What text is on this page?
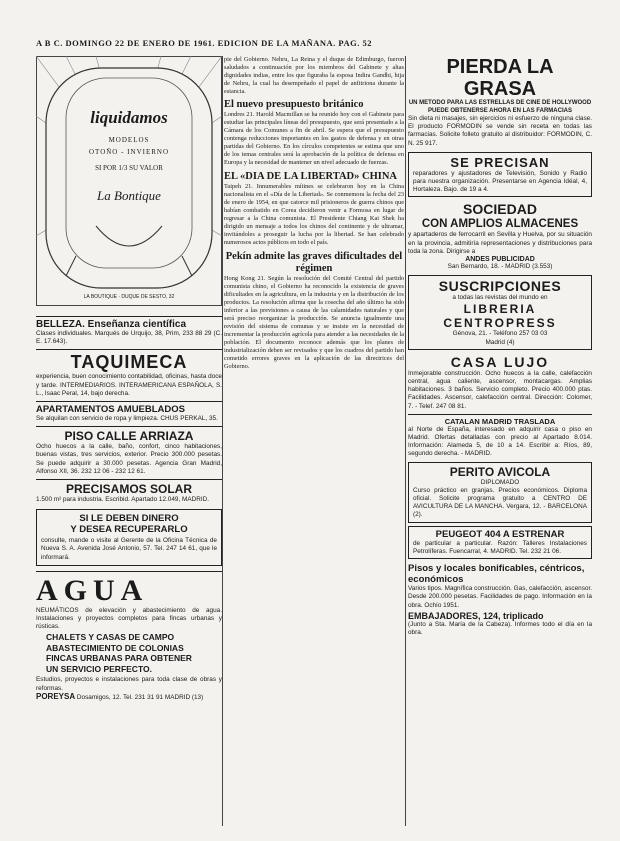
A B C. DOMINGO 22 DE ENERO DE 1961. EDICION DE LA MAÑANA. PAG. 52
liquidamos
MODELOS
OTOÑO - INVIERNO
SI POR 1/3 SU VALOR
La Bontique
LA BOUTIQUE · DUQUE DE SESTO, 32
BELLEZA. Enseñanza científica
Clases individuales. Marqués de Urquijo, 38, Prim, 233 88 29 (C. E. 17.643).
TAQUIMECA
experiencia, buen conocimiento contabilidad, oficinas, hasta doce y tarde. INTERMEDIARIOS. INTERAMERICANA ESPAÑOLA, S. L., Isaac Peral, 14, bajo derecha.
APARTAMENTOS AMUEBLADOS
Se alquilan con servicio de ropa y limpieza. CHUS PERKAL, 35.
PISO CALLE ARRIAZA
Ocho huecos a la calle, baño, confort, cinco habitaciones, buenas vistas, tres servicios, exterior. Precio 300.000 pesetas. Se puede adquirir a 30.000 pesetas. Agencia Gran Madrid, Alfonso XII, 36. 232 12 06 - 232 12 61.
PRECISAMOS SOLAR
1.500 m² para industria. Escribid. Apartado 12.049, MADRID.
SI LE DEBEN DINERO
Y DESEA RECUPERARLO
consulte, mande o visite al Gerente de la Oficina Técnica de Nueva S. A. Avenida José Antonio, 57. Tel. 247 14 61, que le informará.
AGUA
NEUMÁTICOS de elevación y abastecimiento de agua. Instalaciones y proyectos completos para fincas urbanas y rústicas.
CHALETS Y CASAS DE CAMPO
ABASTECIMIENTO DE COLONIAS
FINCAS URBANAS PARA OBTENER
UN SERVICIO PERFECTO.
Estudios, proyectos e instalaciones para toda clase de obras y reformas.
POREYSA Dosamigos, 12. Tel. 231 31 91 MADRID (13)
pie del Gobierno. Nehru, La Reina y el duque de Edimburgo, fueron saludados a continuación por los miembros del Gabinete y altas dignidades indias, entre los que figuraba la esposa Indira Gandhi, hija de Nehru, la cual ha desempeñado el papel de anfitriona durante la estancia.
El nuevo presupuesto británico
Londres 21. Harold Macmillan se ha reunido hoy con el Gabinete para estudiar las principales líneas del presupuesto, que será presentado a la Cámara de los Comunes a fin de abril. Se espera que el presupuesto contenga reducciones importantes en los gastos de defensa y en otras partidas del Gobierno. En los círculos competentes se estima que uno de los temas centrales será la aprobación de la política de defensa en Europa y la necesidad de mantener un nivel adecuado de fuerzas.
EL «DIA DE LA LIBERTAD» CHINA
Taipeh 21. Innumerables mítines se celebraron hoy en la China nacionalista en el «Día de la Libertad». Se conmemora la fecha del 23 de enero de 1954, en que catorce mil prisioneros de guerra chinos que habían combatido en Corea decidieron venir a Formosa en lugar de regresar a la China comunista. El Presidente Chiang Kai Shek ha dirigido un mensaje a todos los chinos del continente y de ultramar, invitándoles a proseguir la lucha por la libertad. Se han celebrado numerosos actos públicos en todo el país.
Pekín admite las graves dificultades del régimen
Hong Kong 21. Según la resolución del Comité Central del partido comunista chino, el Gobierno ha reconocido la existencia de graves dificultades en la agricultura, en la industria y en la distribución de los productos. La resolución afirma que la cosecha del año último ha sido inferior a las previsiones a causa de las calamidades naturales y que será preciso reorganizar la producción. Se anuncia igualmente una revisión del sistema de comunas y se insiste en la necesidad de incrementar la producción agrícola para atender a las necesidades de la población. El documento reconoce además que los planes de industrialización deben ser revisados y que los cuadros del partido han cometido errores graves en la aplicación de las directrices del Gobierno.
PIERDA LA GRASA
UN METODO PARA LAS ESTRELLAS DE CINE DE HOLLYWOOD PUEDE OBTENERSE AHORA EN LAS FARMACIAS
Sin dieta ni masajes, sin ejercicios ni esfuerzo de ninguna clase. El producto FORMODIN se vende sin receta en todas las farmacias. Solicite folleto gratuito al distribuidor: FORMODIN, C. N. 25 917.
SE PRECISAN
reparadores y ajustadores de Televisión, Sonido y Radio para nuestra organización. Presentarse en Agencia Idéal, 4, Hortaleza. Bajo. de 19 a 4.
SOCIEDAD
CON AMPLIOS ALMACENES
y apartaderos de ferrocarril en Sevilla y Huelva, por su situación en la provincia, admitiría representaciones y distribuciones para toda la zona. Dirigirse a
ANDES PUBLICIDAD
San Bernardo, 18. - MADRID (3.553)
SUSCRIPCIONES
a todas las revistas del mundo en
LIBRERIA
CENTROPRESS
Génova, 21. - Teléfono 257 03 03
Madrid (4)
CASA LUJO
Inmejorable construcción. Ocho huecos a la calle, calefacción central, agua caliente, ascensor, montacargas. Amplias habitaciones. 3 baños. Servicio completo. Precio 400.000 ptas. Facilidades. Ascensor, calefacción central. Dirección: Colomer, 7. - Telef. 247 08 81.
CATALAN MADRID TRASLADA
al Norte de España, interesado en adquirir casa o piso en Madrid. Ofertas detalladas con precio al Apartado 8.014. Información: Alameda 5, de 10 a 14. Escribir a: Ríos, 89, segundo derecha. - MADRID.
PERITO AVICOLA
DIPLOMADO
Curso práctico en granjas. Precios económicos. Diploma oficial. Solicite programa gratuito a CENTRO DE AVICULTURA DE LA MANCHA. Vergara, 12. - BARCELONA (2).
PEUGEOT 404 A ESTRENAR
de particular a particular. Razón: Talleres Instalaciones Petrolíferas. Fuencarral, 4. MADRID. Tel. 232 21 06.
Pisos y locales bonificables, céntricos, económicos
Varios tipos. Magnífica construcción. Gas, calefacción, ascensor. Desde 200.000 pesetas. Facilidades de pago. Información en la obra. Ochío 1951.
EMBAJADORES, 124, triplicado
(Junto a Sta. María de la Cabeza). Informes todo el día en la obra.
